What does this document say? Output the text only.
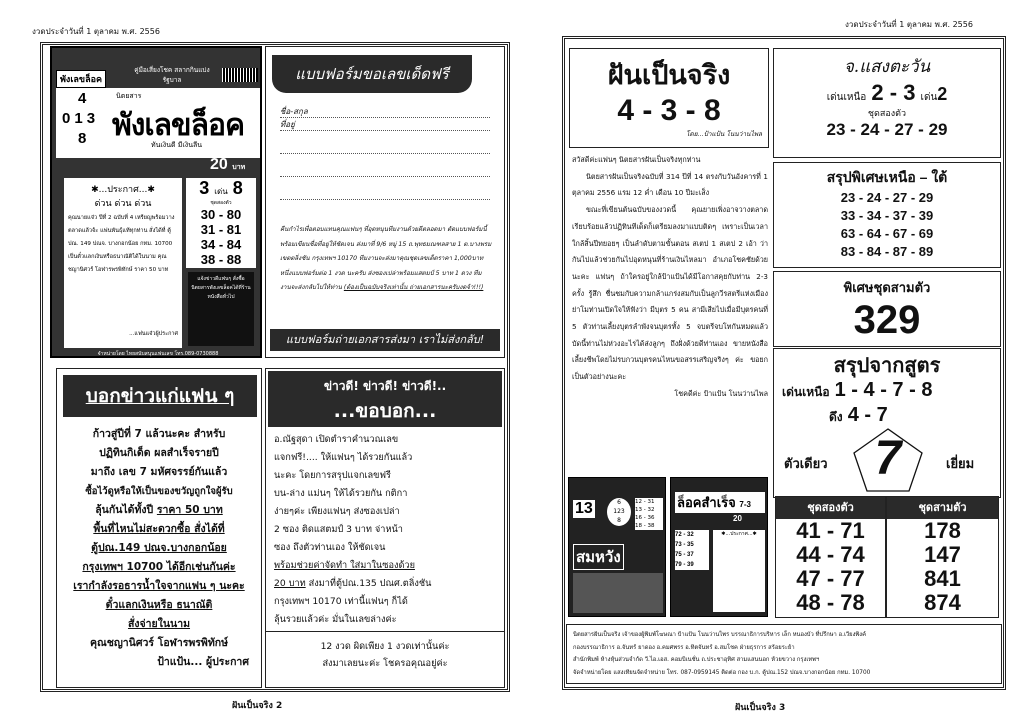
งวดประจำวันที่ 1 ตุลาคม พ.ศ. 2556
พังเลขล็อค
คู่มือเสี่ยงโชค สลากกินแบ่งรัฐบาล
4
013
8
นิตยสาร
พังเลขล็อค
ทันเงินดี มีเงินลีน
20 บาท
✱...ประกาศ...✱
ด่วน ด่วน ด่วน
คุณนายแจ๋ว ปีที่ 2 ฉบับที่ 4 เหรียญพร้อมวางตลาดแล้วจ้ะ แฟนพันธุ์แท้ทุกท่าน สั่งได้ที่ ตู้ปณ. 149 ปณจ. บางกอกน้อย กทม. 10700 เป็นตั๋วแลกเงินหรือธนาณัติได้ในนาม คุณชญานิศวร์ โอฬารพรพิทักษ์ ราคา 50 บาท
...แฟนแจ๋วผู้ประกาศ
3 เด่น 8
ชุดสองตัว
30 - 80
31 - 81
34 - 84
38 - 88
แจ้งข่าวดีแฟนๆ สั่งซื้อนิตยสารพังเลขล็อคได้ที่ร้านหนังสือทั่วไป
จำหน่ายโดย ไทยสนับสนุนแฟนเลข โทร.089-0730888
แบบฟอร์มขอเลขเด็ดฟรี
ชื่อ-สกุล
ที่อยู่
คืนกำไรเพื่อตอบแทนคุณแฟนๆ ที่อุดหนุนทีมงานด้วยดีตลอดมา ตัดแบบฟอร์มนี้ พร้อมเขียนชื่อที่อยู่ให้ชัดเจน ส่งมาที่ 9/6 หมู่ 15 ถ.พุทธมณฑลสาย 1 ต.บางพรม เขตตลิ่งชัน กรุงเทพฯ 10170 ทีมงานจะส่งมาคุณชุดเลขเด็ดราคา 1,000บาท หนึ่งแบบฟอร์มต่อ 1 งวด นะครับ ส่งซองเปล่าพร้อมแสตมป์ 5 บาท 1 ดวง ทีมงานจะส่งกลับไปให้ท่าน (ต้องเป็นฉบับจริงเท่านั้น ถ่ายเอกสารนะครับงดจ้า!!!)
แบบฟอร์มถ่ายเอกสารส่งมา เราไม่ส่งกลับ!
บอกข่าวแก่แฟน ๆ
ก้าวสู่ปีที่ 7 แล้วนะคะ สำหรับ
ปฏิทินกิเด็ด ผลสำเร็จรายปี
มาถึง เลข 7 มหัศจรรย์กันแล้ว
ซื้อไว้ดูหรือให้เป็นของขวัญถูกใจผู้รับ
ลุ้นกันได้ทั้งปี ราคา 50 บาท
พื้นที่ไหนไม่สะดวกซื้อ สั่งได้ที่
ตู้ปณ.149 ปณจ.บางกอกน้อย
กรุงเทพฯ 10700 ได้อีกเช่นกันค่ะ
เรากำลังรอธารน้ำใจจากแฟน ๆ นะคะ
ตั๋วแลกเงินหรือ ธนาณัติ
สั่งจ่ายในนาม
คุณชญานิศวร์ โอฬารพรพิทักษ์
ป้าแป้น... ผู้ประกาศ
ข่าวดี! ข่าวดี! ข่าวดี!..
...ขอบอก...
อ.ณัฐสุดา เปิดตำราคำนวณเลข
แจกฟรี!.... ให้แฟนๆ ได้รวยกันแล้ว
นะคะ โดยการสรุปแจกเลขฟรี
บน-ล่าง แม่นๆ ให้ได้รวยกัน กติกา
ง่ายๆค่ะ เพียงแฟนๆ ส่งซองเปล่า
2 ซอง ติดแสตมป์ 3 บาท จ่าหน้า
ซอง ถึงตัวท่านเอง ให้ชัดเจน
พร้อมช่วยค่าจัดทำ ใส่มาในซองด้วย
20 บาท ส่งมาที่ตู้ปณ.135 ปณศ.ตลิ่งชัน
กรุงเทพฯ 10170 เท่านี้แฟนๆ ก็ได้
ลุ้นรวยแล้วค่ะ มั่นในเลขล่างค่ะ
12 งวด ผิดเพียง 1 งวดเท่านั้นค่ะ
ส่งมาเลยนะค่ะ โชครอคุณอยู่ค่ะ
ฝันเป็นจริง 2
งวดประจำวันที่ 1 ตุลาคม พ.ศ. 2556
ฝันเป็นจริง
4 - 3 - 8
โดย...ป้าแป้น โนนว่านไพล
สวัสดีค่ะแฟนๆ นิตยสารฝันเป็นจริงทุกท่าน
นิตยสารฝันเป็นจริงฉบับที่ 314 ปีที่ 14 ตรงกับวันอังคารที่ 1 ตุลาคม 2556 แรม 12 ค่ำ เดือน 10 ปีมะเส็ง
ขณะที่เขียนต้นฉบับของงวดนี้ คุณยายเพิ่งอาจวางตลาดเรียบร้อยแล้วปฏิทินทีเด็ดก็เตรียมลงมาแบบติดๆ เพราะเป็นเวลาใกล้สิ้นปีทยอยๆ เป็นลำดับตามขั้นตอน สเตป 1 สเตป 2 เอ้า ว่ากันไปแล้วช่วยกันไปอุดหนุนที่ร้านเงินไหลมา อำเภอโชคชัยด้วยนะคะ แฟนๆ ถ้าใครอยู่ใกล้ป้าแป้นได้มีโอกาสคุยกับท่าน 2-3 ครั้ง รู้สึก ชื่นชมกับความกล้าแกร่งสมกับเป็นลูกวีรสตรีแห่งเมืองย่าโมท่านเปิดใจให้ฟังว่า มีบุตร 5 คน สามีเสียไปเมื่อมีบุตรคนที่ 5 ตัวท่านเลี้ยงบุตรลำพังจนบุตรทั้ง 5 จบตรีจบโทกันหมดแล้ว บัดนี้ท่านไม่ห่วงอะไรได้ส่งลูกๆ ถึงฝั่งด้วยดีท่านเอง ขายหนังสือเลี้ยงชีพโดยไม่รบกวนบุตรคนไหนขอสรรเสริญจริงๆ ค่ะ ขอยกเป็นตัวอย่างนะคะ
โชคดีค่ะ ป้าแป้น โนนว่านไพล
13	6
123
8
12 - 31
13 - 32
16 - 36
18 - 38
สมหวัง
ล็อคสำเร็จ 7-3
20
72 - 32
73 - 35
75 - 37
79 - 39
✱...ประกาศ...✱
จ.แสงตะวัน
เด่นเหนือ 2 - 3 เด่น2
ชุดสองตัว
23 - 24 - 27 - 29
สรุปพิเศษเหนือ – ใต้
23 - 24 - 27 - 29
33 - 34 - 37 - 39
63 - 64 - 67 - 69
83 - 84 - 87 - 89
พิเศษชุดสามตัว
329
สรุปจากสูตร
เด่นเหนือ 1 - 4 - 7 - 8
ดึง 4 - 7
ตัวเดียว 7	เยี่ยม
ชุดสองตัว
41 - 71
44 - 74
47 - 77
48 - 78
ชุดสามตัว
178
147
841
874
นิตยสารฝันเป็นจริง เจ้าของผู้พิมพ์โฆษณา ป้าแป้น โนนว่านไพร บรรณาธิการบริหาร เล็ก หนองบัว ที่ปรึกษา อ.เวียงพิงค์
กองบรรณาธิการ อ.จันทร์ ยาดอง อ.คมศพรร อ.ทิตจันทร์ อ.สมโชค ฝ่ายธุรการ สร้อยระย้า
สำนักพิมพ์ ห้างหุ้นส่วนจำกัด วี.ไอ.เอส. คอมบิเนชั่น ถ.ประชาอุทิศ สามแสนนอก ห้วยขวาง กรุงเทพฯ
จัดจำหน่ายโดย แสงเทียนจัดจำหน่าย โทร. 087-0959145 ติดต่อ กอง บ.ก. ตู้ปณ.152 ปณจ.บางกอกน้อย กทม. 10700
ฝันเป็นจริง 3
